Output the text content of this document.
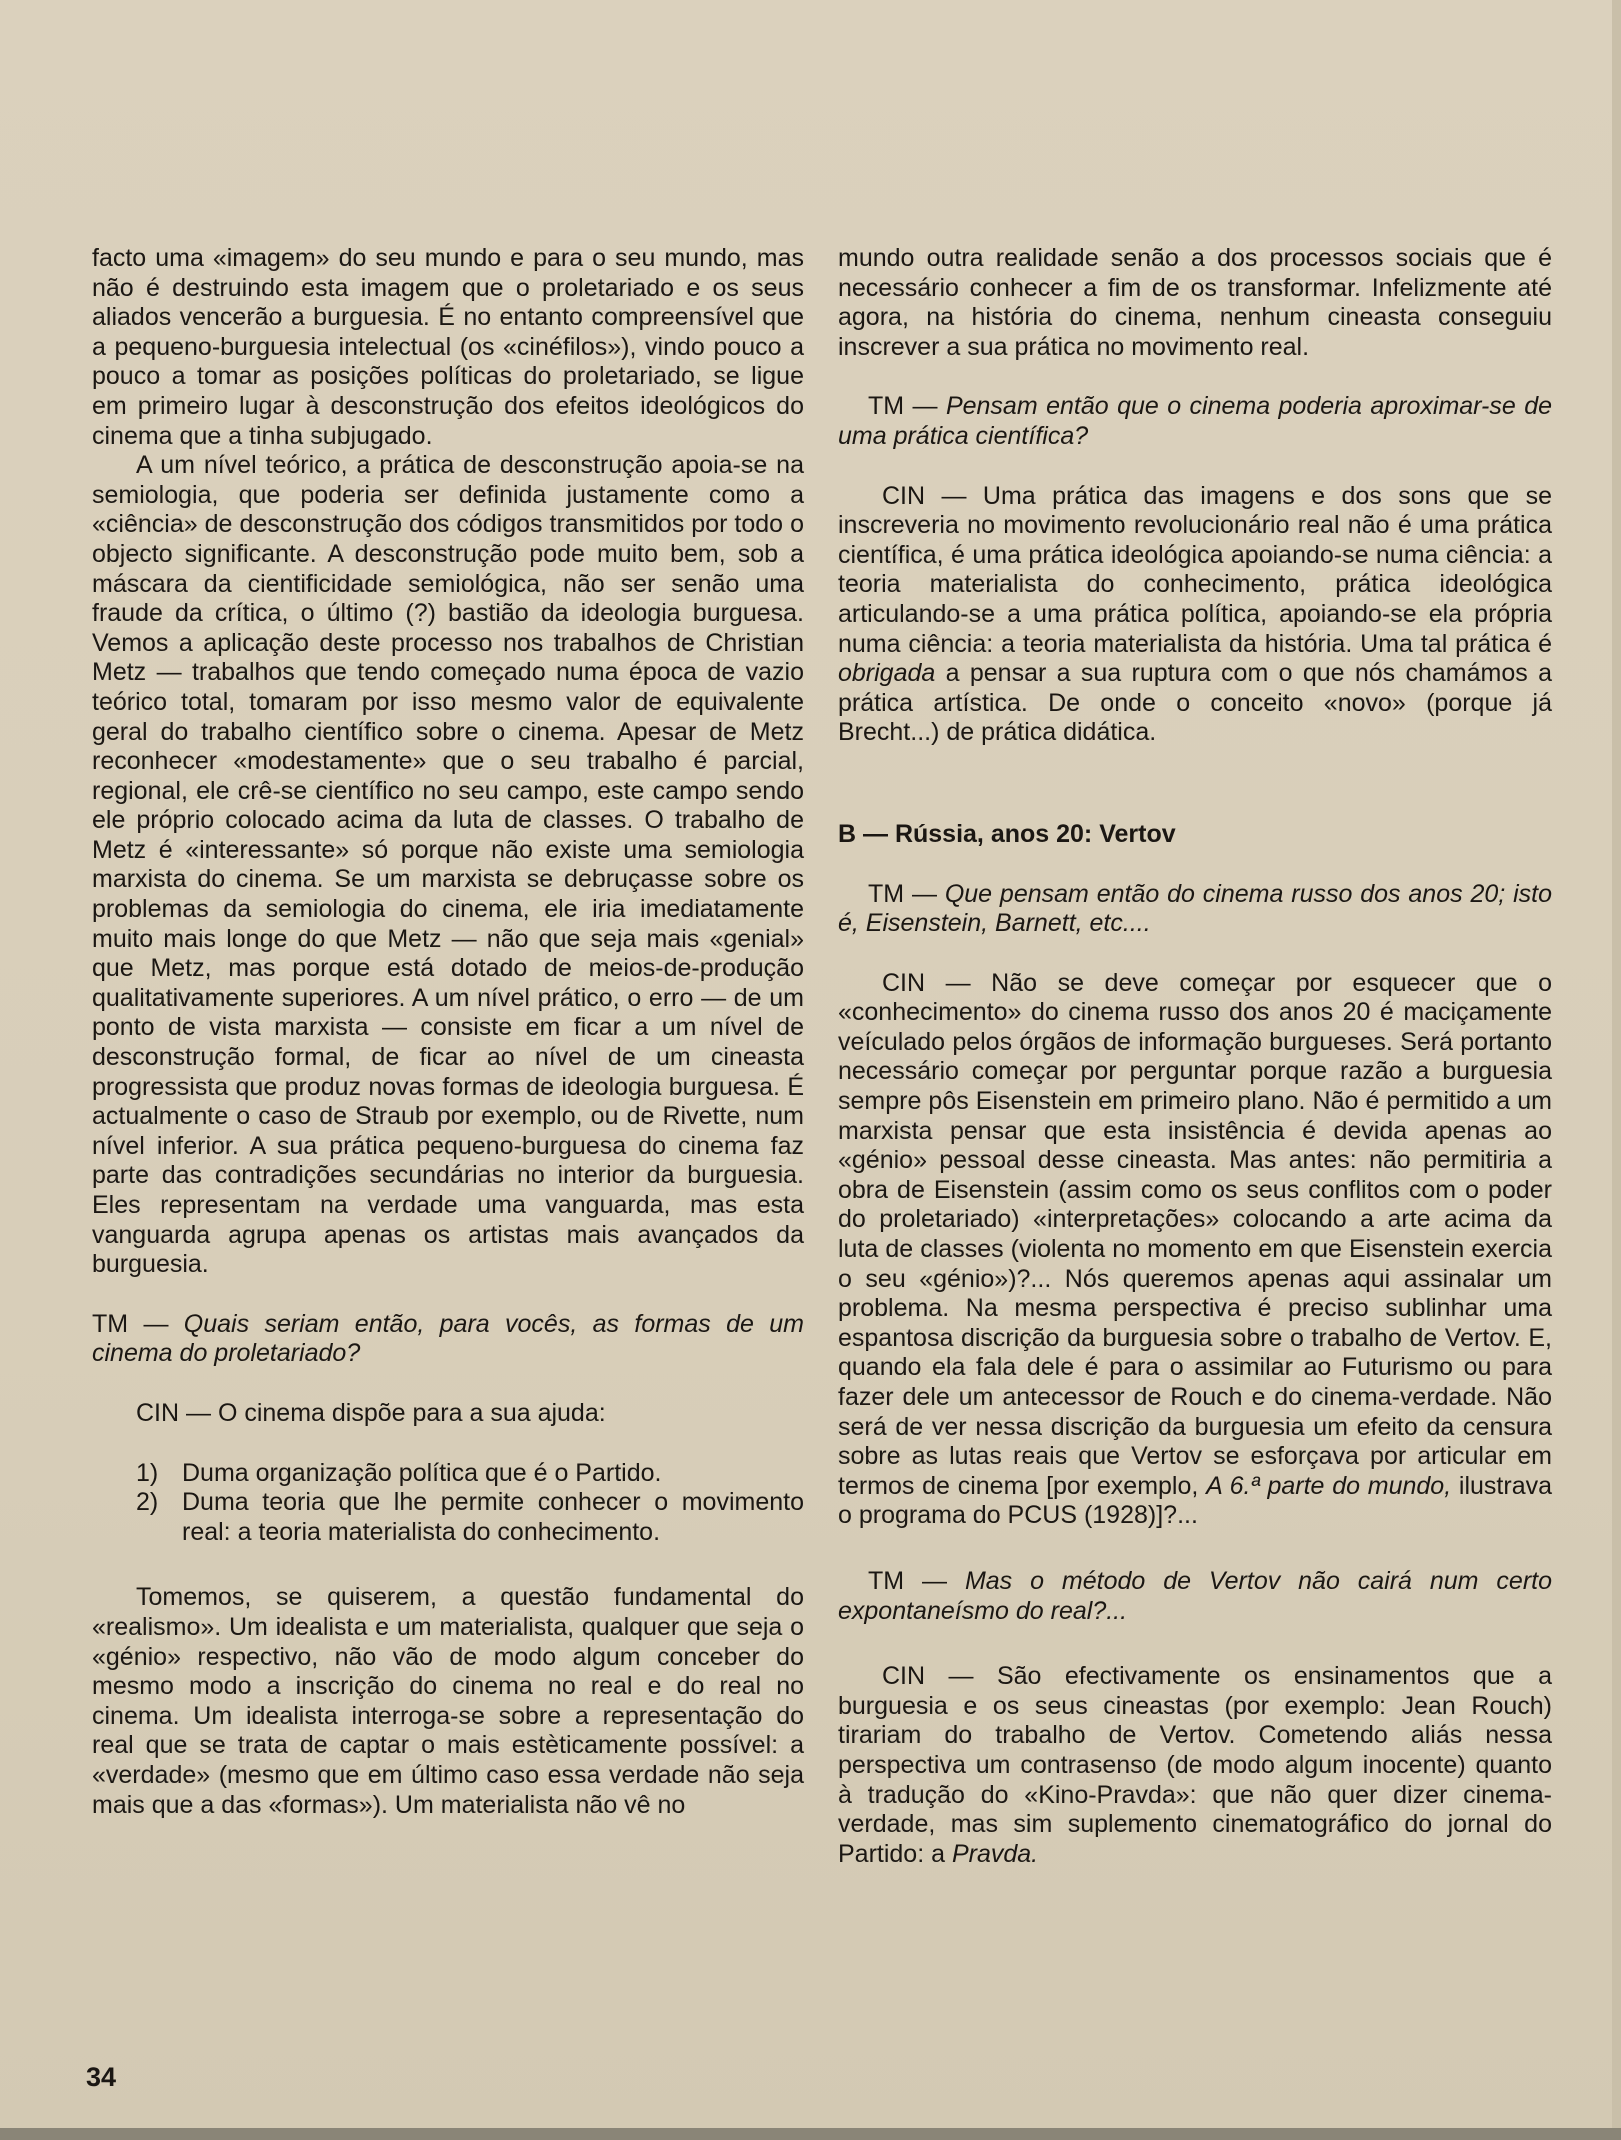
facto uma «imagem» do seu mundo e para o seu mundo, mas não é destruindo esta imagem que o proletariado e os seus aliados vencerão a burguesia. É no entanto compreensível que a pequeno-burguesia intelectual (os «cinéfilos»), vindo pouco a pouco a tomar as posições políticas do proletariado, se ligue em primeiro lugar à desconstrução dos efeitos ideológicos do cinema que a tinha subjugado.

A um nível teórico, a prática de desconstrução apoia-se na semiologia, que poderia ser definida justamente como a «ciência» de desconstrução dos códigos transmitidos por todo o objecto significante. A desconstrução pode muito bem, sob a máscara da cientificidade semiológica, não ser senão uma fraude da crítica, o último (?) bastião da ideologia burguesa. Vemos a aplicação deste processo nos trabalhos de Christian Metz — trabalhos que tendo começado numa época de vazio teórico total, tomaram por isso mesmo valor de equivalente geral do trabalho científico sobre o cinema. Apesar de Metz reconhecer «modestamente» que o seu trabalho é parcial, regional, ele crê-se científico no seu campo, este campo sendo ele próprio colocado acima da luta de classes. O trabalho de Metz é «interessante» só porque não existe uma semiologia marxista do cinema. Se um marxista se debruçasse sobre os problemas da semiologia do cinema, ele iria imediatamente muito mais longe do que Metz — não que seja mais «genial» que Metz, mas porque está dotado de meios-de-produção qualitativamente superiores. A um nível prático, o erro — de um ponto de vista marxista — consiste em ficar a um nível de desconstrução formal, de ficar ao nível de um cineasta progressista que produz novas formas de ideologia burguesa. É actualmente o caso de Straub por exemplo, ou de Rivette, num nível inferior. A sua prática pequeno-burguesa do cinema faz parte das contradições secundárias no interior da burguesia. Eles representam na verdade uma vanguarda, mas esta vanguarda agrupa apenas os artistas mais avançados da burguesia.

TM — Quais seriam então, para vocês, as formas de um cinema do proletariado?

CIN — O cinema dispõe para a sua ajuda:

1) Duma organização política que é o Partido.
2) Duma teoria que lhe permite conhecer o movimento real: a teoria materialista do conhecimento.

Tomemos, se quiserem, a questão fundamental do «realismo». Um idealista e um materialista, qualquer que seja o «génio» respectivo, não vão de modo algum conceber do mesmo modo a inscrição do cinema no real e do real no cinema. Um idealista interroga-se sobre a representação do real que se trata de captar o mais estèticamente possível: a «verdade» (mesmo que em último caso essa verdade não seja mais que a das «formas»). Um materialista não vê no

mundo outra realidade senão a dos processos sociais que é necessário conhecer a fim de os transformar. Infelizmente até agora, na história do cinema, nenhum cineasta conseguiu inscrever a sua prática no movimento real.

TM — Pensam então que o cinema poderia aproximar-se de uma prática científica?

CIN — Uma prática das imagens e dos sons que se inscreveria no movimento revolucionário real não é uma prática científica, é uma prática ideológica apoiando-se numa ciência: a teoria materialista do conhecimento, prática ideológica articulando-se a uma prática política, apoiando-se ela própria numa ciência: a teoria materialista da história. Uma tal prática é obrigada a pensar a sua ruptura com o que nós chamámos a prática artística. De onde o conceito «novo» (porque já Brecht...) de prática didática.

B — Rússia, anos 20: Vertov

TM — Que pensam então do cinema russo dos anos 20; isto é, Eisenstein, Barnett, etc....

CIN — Não se deve começar por esquecer que o «conhecimento» do cinema russo dos anos 20 é maciçamente veículado pelos órgãos de informação burgueses. Será portanto necessário começar por perguntar porque razão a burguesia sempre pôs Eisenstein em primeiro plano. Não é permitido a um marxista pensar que esta insistência é devida apenas ao «génio» pessoal desse cineasta. Mas antes: não permitiria a obra de Eisenstein (assim como os seus conflitos com o poder do proletariado) «interpretações» colocando a arte acima da luta de classes (violenta no momento em que Eisenstein exercia o seu «génio»)?... Nós queremos apenas aqui assinalar um problema. Na mesma perspectiva é preciso sublinhar uma espantosa discrição da burguesia sobre o trabalho de Vertov. E, quando ela fala dele é para o assimilar ao Futurismo ou para fazer dele um antecessor de Rouch e do cinema-verdade. Não será de ver nessa discrição da burguesia um efeito da censura sobre as lutas reais que Vertov se esforçava por articular em termos de cinema [por exemplo, A 6.ª parte do mundo, ilustrava o programa do PCUS (1928)]?...

TM — Mas o método de Vertov não cairá num certo expontaneísmo do real?...

CIN — São efectivamente os ensinamentos que a burguesia e os seus cineastas (por exemplo: Jean Rouch) tirariam do trabalho de Vertov. Cometendo aliás nessa perspectiva um contrasenso (de modo algum inocente) quanto à tradução do «Kino-Pravda»: que não quer dizer cinema-verdade, mas sim suplemento cinematográfico do jornal do Partido: a Pravda.

34
